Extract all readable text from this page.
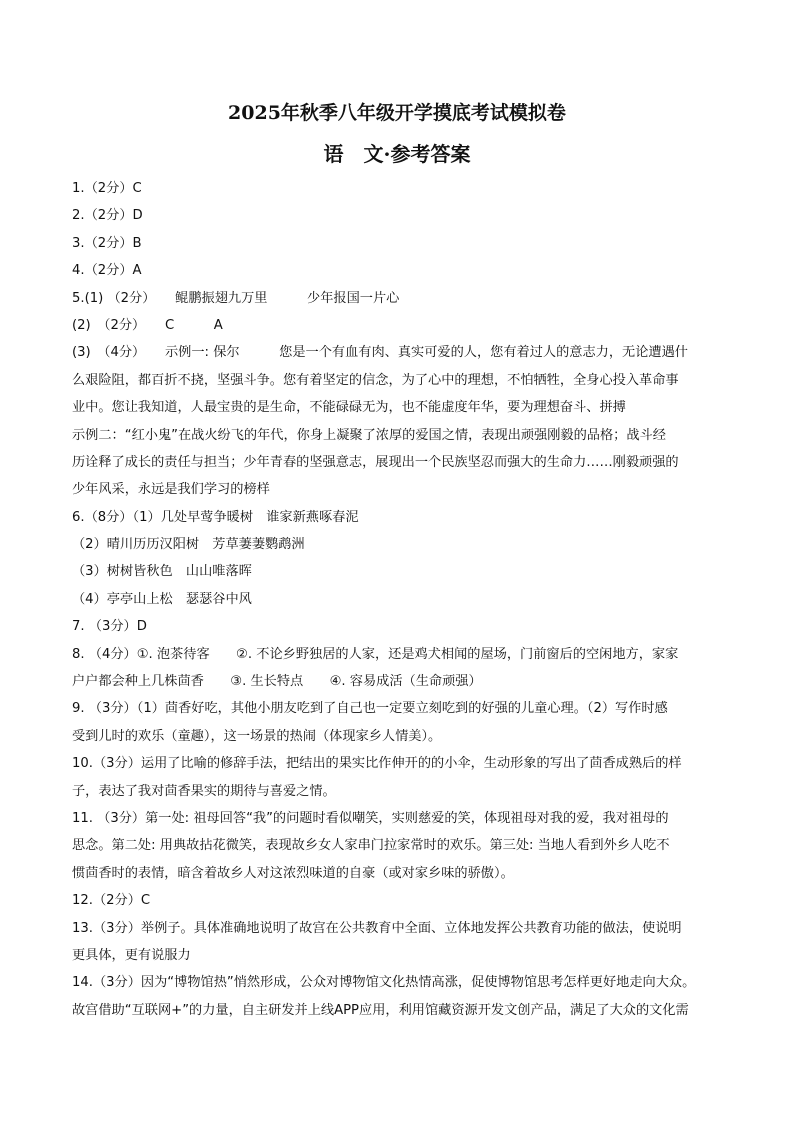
2025年秋季八年级开学摸底考试模拟卷
语　文·参考答案
1.（2分）C
2.（2分）D
3.（2分）B
4.（2分）A
5.(1) （2分）　　鲲鹏振翅九万里　　　少年报国一片心
(2)　（2分）　　C　　　A
(3)　（4分）　　示例一: 保尔　　　您是一个有血有肉、真实可爱的人，您有着过人的意志力，无论遭遇什
么艰险阻，都百折不挠，坚强斗争。您有着坚定的信念，为了心中的理想，不怕牺牲，全身心投入革命事
业中。您让我知道，人最宝贵的是生命，不能碌碌无为，也不能虚度年华，要为理想奋斗、拼搏
示例二：“红小鬼”在战火纷飞的年代，你身上凝聚了浓厚的爱国之情，表现出顽强刚毅的品格；战斗经
历诠释了成长的责任与担当；少年青春的坚强意志，展现出一个民族坚忍而强大的生命力……刚毅顽强的
少年风采，永远是我们学习的榜样
6.（8分）（1）几处早莺争暖树　谁家新燕啄春泥
（2）晴川历历汉阳树　芳草萋萋鹦鹉洲
（3）树树皆秋色　山山唯落晖
（4）亭亭山上松　瑟瑟谷中风
7. （3分）D
8. （4分）①. 泡茶待客　　②. 不论乡野独居的人家，还是鸡犬相闻的屋场，门前窗后的空闲地方，家家
户户都会种上几株茴香　　③. 生长特点　　④. 容易成活（生命顽强）
9. （3分）（1）茴香好吃，其他小朋友吃到了自己也一定要立刻吃到的好强的儿童心理。（2）写作时感
受到儿时的欢乐（童趣），这一场景的热闹（体现家乡人情美）。
10.（3分）运用了比喻的修辞手法，把结出的果实比作伸开的的小伞，生动形象的写出了茴香成熟后的样
子，表达了我对茴香果实的期待与喜爱之情。
11. （3分）第一处: 祖母回答“我”的问题时看似嘲笑，实则慈爱的笑，体现祖母对我的爱，我对祖母的
思念。第二处: 用典故拈花微笑，表现故乡女人家串门拉家常时的欢乐。第三处: 当地人看到外乡人吃不
惯茴香时的表情，暗含着故乡人对这浓烈味道的自豪（或对家乡味的骄傲）。
12.（2分）C
13.（3分）举例子。具体准确地说明了故宫在公共教育中全面、立体地发挥公共教育功能的做法，使说明
更具体，更有说服力
14.（3分）因为“博物馆热”悄然形成，公众对博物馆文化热情高涨，促使博物馆思考怎样更好地走向大众。
故宫借助“互联网+”的力量，自主研发并上线APP应用，利用馆藏资源开发文创产品，满足了大众的文化需
